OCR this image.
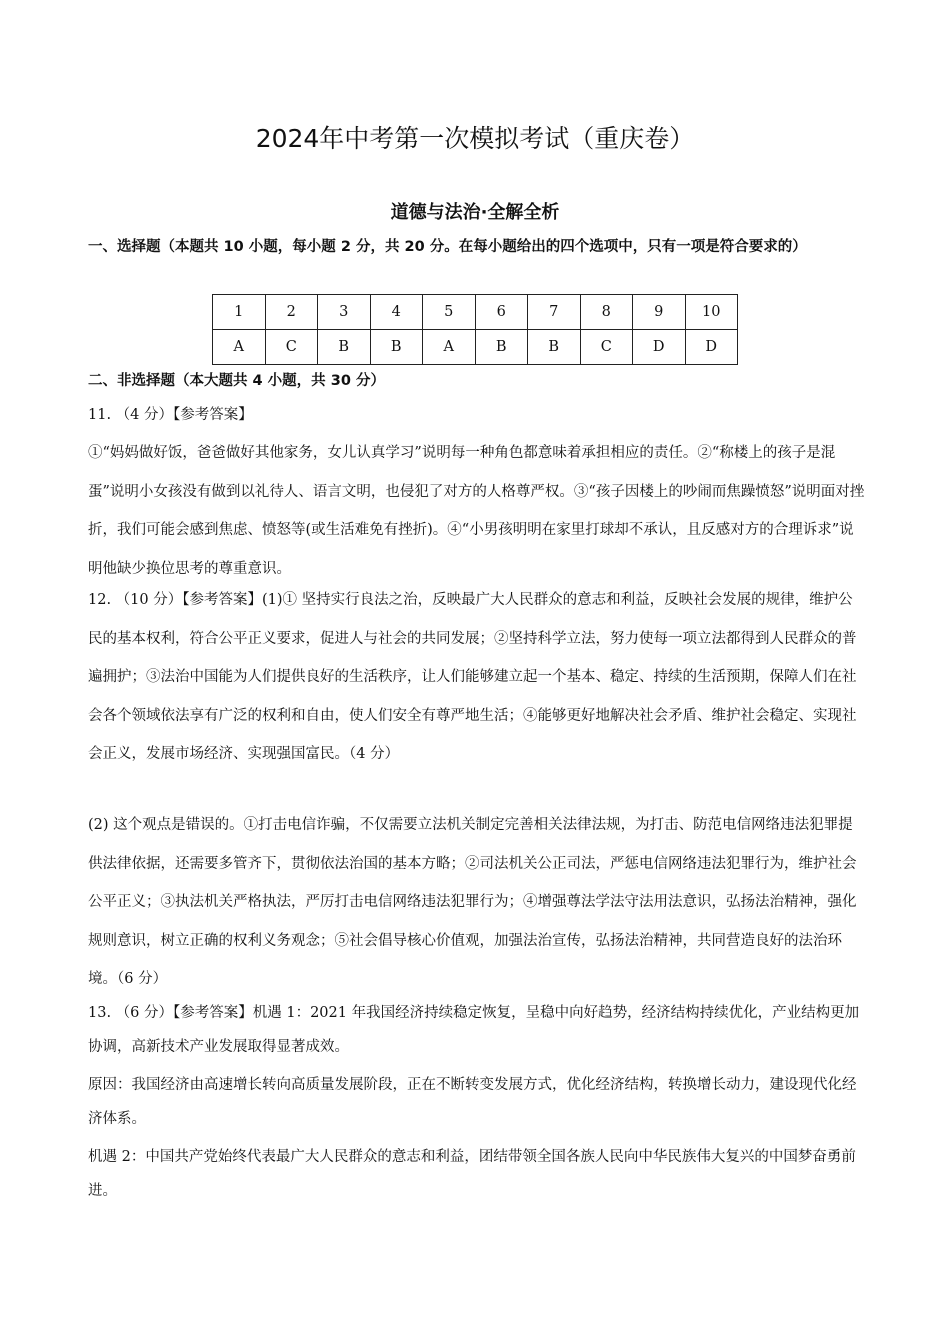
2024年中考第一次模拟考试（重庆卷）
道德与法治·全解全析
一、选择题（本题共 10 小题，每小题 2 分，共 20 分。在每小题给出的四个选项中，只有一项是符合要求的）
1	2	3	4	5	6	7	8	9	10
A	C	B	B	A	B	B	C	D	D
二、非选择题（本大题共 4 小题，共 30 分）
11. （4 分）【参考答案】
①“妈妈做好饭，爸爸做好其他家务，女儿认真学习”说明每一种角色都意味着承担相应的责任。②“称楼上的孩子是混蛋”说明小女孩没有做到以礼待人、语言文明，也侵犯了对方的人格尊严权。③“孩子因楼上的吵闹而焦躁愤怒”说明面对挫折，我们可能会感到焦虑、愤怒等(或生活难免有挫折)。④“小男孩明明在家里打球却不承认，且反感对方的合理诉求”说明他缺少换位思考的尊重意识。
12. （10 分）【参考答案】(1)① 坚持实行良法之治，反映最广大人民群众的意志和利益，反映社会发展的规律，维护公民的基本权利，符合公平正义要求，促进人与社会的共同发展；②坚持科学立法，努力使每一项立法都得到人民群众的普遍拥护；③法治中国能为人们提供良好的生活秩序，让人们能够建立起一个基本、稳定、持续的生活预期，保障人们在社会各个领域依法享有广泛的权利和自由，使人们安全有尊严地生活；④能够更好地解决社会矛盾、维护社会稳定、实现社会正义，发展市场经济、实现强国富民。（4 分）
(2) 这个观点是错误的。①打击电信诈骗，不仅需要立法机关制定完善相关法律法规，为打击、防范电信网络违法犯罪提供法律依据，还需要多管齐下，贯彻依法治国的基本方略；②司法机关公正司法，严惩电信网络违法犯罪行为，维护社会公平正义；③执法机关严格执法，严厉打击电信网络违法犯罪行为；④增强尊法学法守法用法意识，弘扬法治精神，强化规则意识，树立正确的权利义务观念；⑤社会倡导核心价值观，加强法治宣传，弘扬法治精神，共同营造良好的法治环境。（6 分）
13. （6 分）【参考答案】机遇 1：2021 年我国经济持续稳定恢复，呈稳中向好趋势，经济结构持续优化，产业结构更加协调，高新技术产业发展取得显著成效。
原因：我国经济由高速增长转向高质量发展阶段，正在不断转变发展方式，优化经济结构，转换增长动力，建设现代化经济体系。
机遇 2：中国共产党始终代表最广大人民群众的意志和利益，团结带领全国各族人民向中华民族伟大复兴的中国梦奋勇前进。
